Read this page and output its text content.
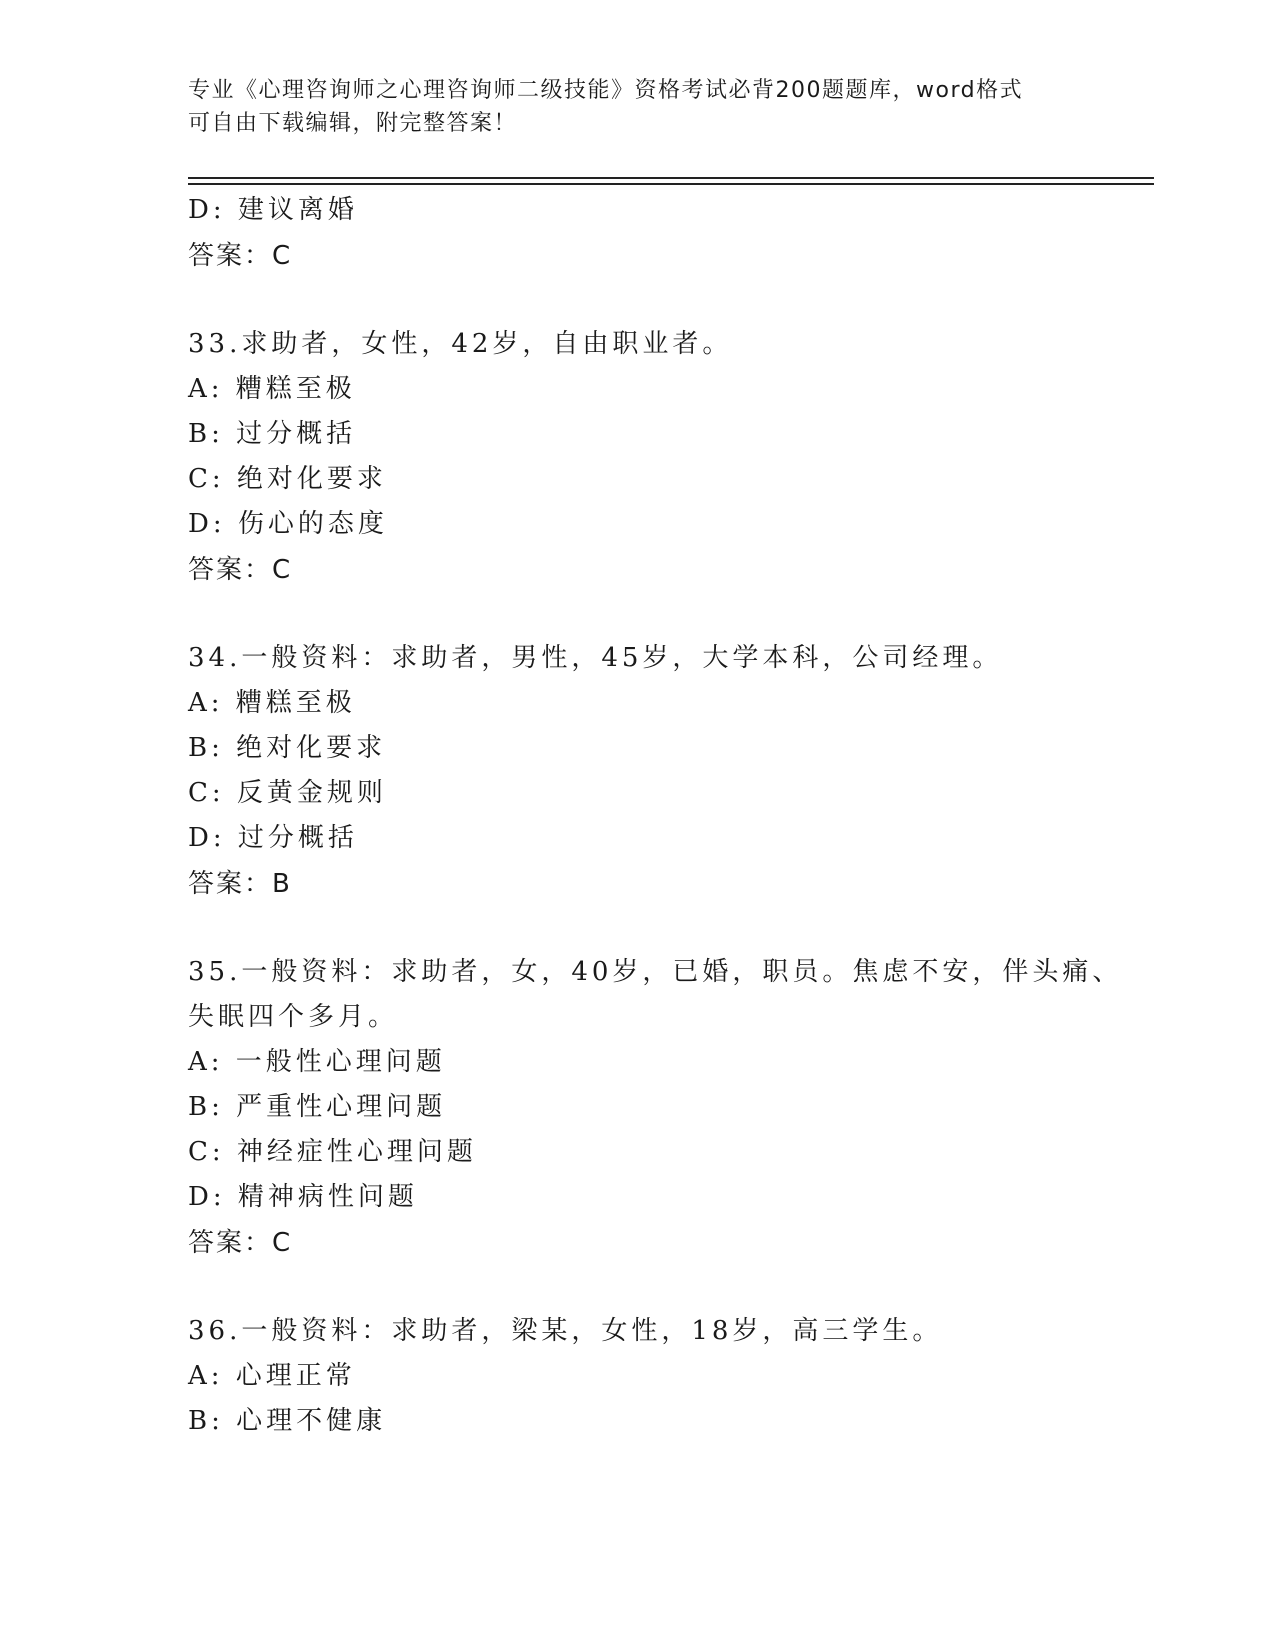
专业《心理咨询师之心理咨询师二级技能》资格考试必背200题题库，word格式
可自由下载编辑，附完整答案！
D: 建议离婚
答案：C
33.求助者，女性，42岁，自由职业者。
A: 糟糕至极
B: 过分概括
C: 绝对化要求
D: 伤心的态度
答案：C
34.一般资料：求助者，男性，45岁，大学本科，公司经理。
A: 糟糕至极
B: 绝对化要求
C: 反黄金规则
D: 过分概括
答案：B
35.一般资料：求助者，女，40岁，已婚，职员。焦虑不安，伴头痛、
失眠四个多月。
A: 一般性心理问题
B: 严重性心理问题
C: 神经症性心理问题
D: 精神病性问题
答案：C
36.一般资料：求助者，梁某，女性，18岁，高三学生。
A: 心理正常
B: 心理不健康
